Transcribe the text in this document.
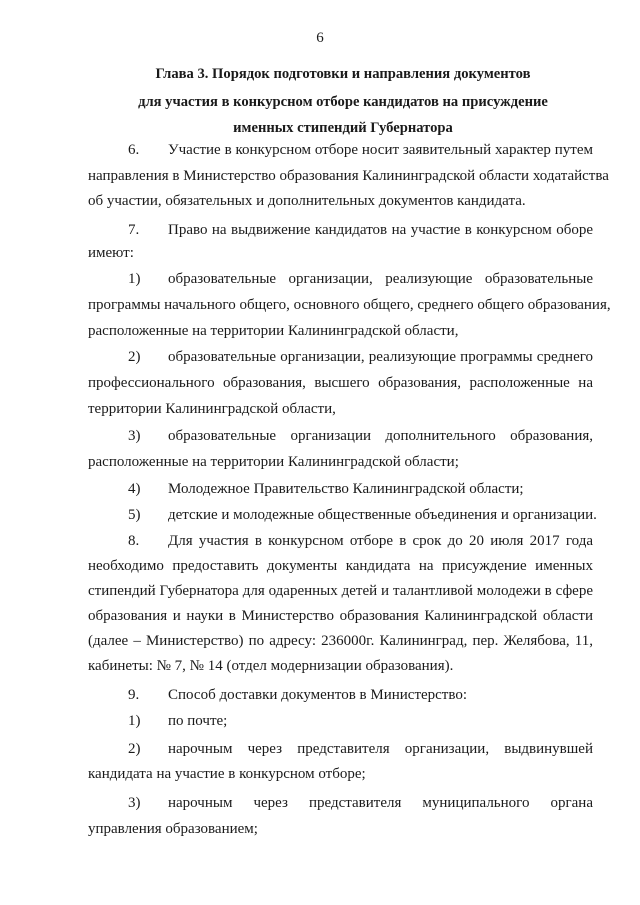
6
Глава 3. Порядок подготовки и направления документов
для участия в конкурсном отборе кандидатов на присуждение
именных стипендий Губернатора
6. Участие в конкурсном отборе носит заявительный характер путем
направления в Министерство образования Калининградской области ходатайства
об участии, обязательных и дополнительных документов кандидата.
7. Право на выдвижение кандидатов на участие в конкурсном оборе
имеют:
1) образовательные организации, реализующие образовательные
программы начального общего, основного общего, среднего общего образования,
расположенные на территории Калининградской области,
2) образовательные организации, реализующие программы среднего
профессионального образования, высшего образования, расположенные на
территории Калининградской области,
3) образовательные организации дополнительного образования,
расположенные на территории Калининградской области;
4) Молодежное Правительство Калининградской области;
5) детские и молодежные общественные объединения и организации.
8. Для участия в конкурсном отборе в срок до 20 июля 2017 года
необходимо предоставить документы кандидата на присуждение именных
стипендий Губернатора для одаренных детей и талантливой молодежи в сфере
образования и науки в Министерство образования Калининградской области
(далее – Министерство) по адресу: 236000г. Калининград, пер. Желябова, 11,
кабинеты: № 7, № 14 (отдел модернизации образования).
9. Способ доставки документов в Министерство:
1) по почте;
2) нарочным через представителя организации, выдвинувшей
кандидата на участие в конкурсном отборе;
3) нарочным через представителя муниципального органа
управления образованием;
